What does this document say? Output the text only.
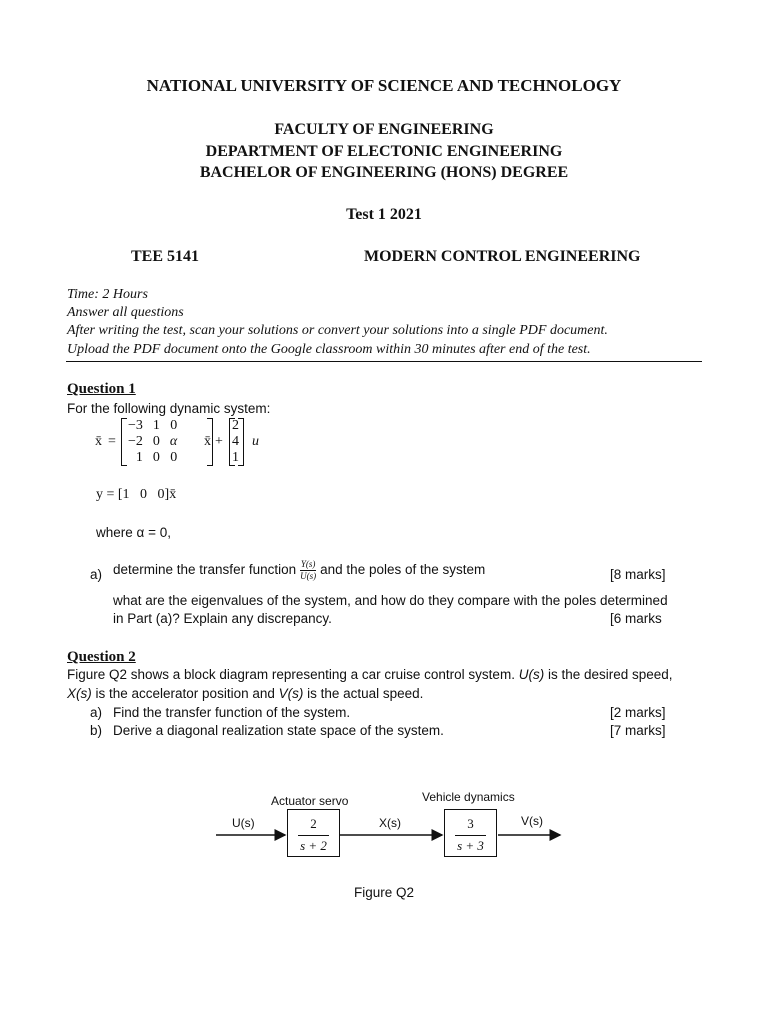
NATIONAL UNIVERSITY OF SCIENCE AND TECHNOLOGY
FACULTY OF ENGINEERING
DEPARTMENT OF ELECTONIC ENGINEERING
BACHELOR OF ENGINEERING (HONS) DEGREE
Test 1 2021
TEE 5141	MODERN CONTROL ENGINEERING
Time: 2 Hours
Answer all questions
After writing the test, scan your solutions or convert your solutions into a single PDF document.
Upload the PDF document onto the Google classroom within 30 minutes after end of the test.
Question 1
For the following dynamic system:
x̄ =
−3	1	0
−2	0	α
1	0	0
x̄ +
2
4
1
u
y = [1   0   0]x̄
where α = 0,
a) determine the transfer function $\frac{Y(s)}{U(s)}$ and the poles of the system	[8 marks]
what are the eigenvalues of the system, and how do they compare with the poles determined
in Part (a)? Explain any discrepancy.	[6 marks
Question 2
Figure Q2 shows a block diagram representing a car cruise control system. U(s) is the desired speed,
X(s) is the accelerator position and V(s) is the actual speed.
a) Find the transfer function of the system.	[2 marks]
b) Derive a diagonal realization state space of the system.	[7 marks]
Actuator servo	Vehicle dynamics
U(s)	X(s)	V(s)
$\frac{2}{s + 2}$	$\frac{3}{s + 3}$
Figure Q2
